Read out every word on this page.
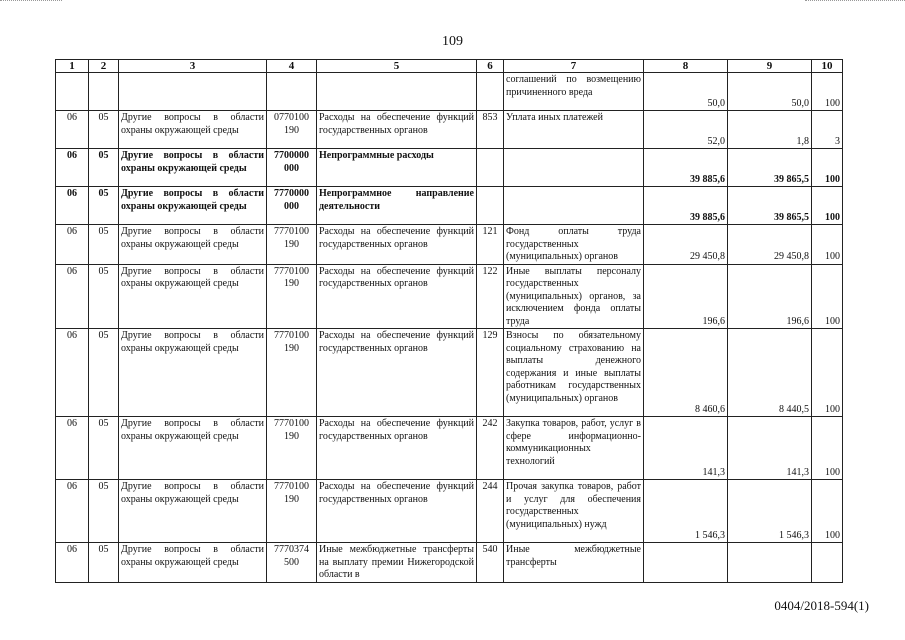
109
1	2	3	4	5	6	7	8	9	10
						соглашений по возмещению причиненного вреда	50,0	50,0	100
06	05	Другие вопросы в области охраны окружающей среды	0770100 190	Расходы на обеспечение функций государственных органов	853	Уплата иных платежей	52,0	1,8	3
06	05	Другие вопросы в области охраны окружающей среды	7700000 000	Непрограммные расходы			39 885,6	39 865,5	100
06	05	Другие вопросы в области охраны окружающей среды	7770000 000	Непрограммное направление деятельности			39 885,6	39 865,5	100
06	05	Другие вопросы в области охраны окружающей среды	7770100 190	Расходы на обеспечение функций государственных органов	121	Фонд оплаты труда государственных (муниципальных) органов	29 450,8	29 450,8	100
06	05	Другие вопросы в области охраны окружающей среды	7770100 190	Расходы на обеспечение функций государственных органов	122	Иные выплаты персоналу государственных (муниципальных) органов, за исключением фонда оплаты труда	196,6	196,6	100
06	05	Другие вопросы в области охраны окружающей среды	7770100 190	Расходы на обеспечение функций государственных органов	129	Взносы по обязательному социальному страхованию на выплаты денежного содержания и иные выплаты работникам государственных (муниципальных) органов	8 460,6	8 440,5	100
06	05	Другие вопросы в области охраны окружающей среды	7770100 190	Расходы на обеспечение функций государственных органов	242	Закупка товаров, работ, услуг в сфере информационно-коммуникационных технологий	141,3	141,3	100
06	05	Другие вопросы в области охраны окружающей среды	7770100 190	Расходы на обеспечение функций государственных органов	244	Прочая закупка товаров, работ и услуг для обеспечения государственных (муниципальных) нужд	1 546,3	1 546,3	100
06	05	Другие вопросы в области охраны окружающей среды	7770374 500	Иные межбюджетные трансферты на выплату премии Нижегородской области в	540	Иные межбюджетные трансферты			
0404/2018-594(1)
